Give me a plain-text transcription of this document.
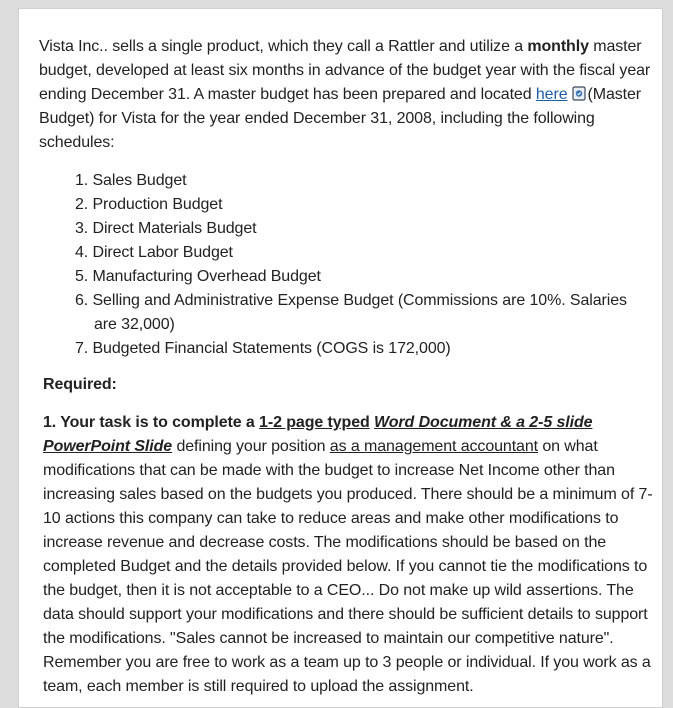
Vista Inc.. sells a single product, which they call a Rattler and utilize a monthly master budget, developed at least six months in advance of the budget year with the fiscal year ending December 31. A master budget has been prepared and located here (Master Budget) for Vista for the year ended December 31, 2008, including the following schedules:

1. Sales Budget
2. Production Budget
3. Direct Materials Budget
4. Direct Labor Budget
5. Manufacturing Overhead Budget
6. Selling and Administrative Expense Budget (Commissions are 10%. Salaries are 32,000)
7. Budgeted Financial Statements (COGS is 172,000)

Required:

1. Your task is to complete a 1-2 page typed Word Document & a 2-5 slide PowerPoint Slide defining your position as a management accountant on what modifications that can be made with the budget to increase Net Income other than increasing sales based on the budgets you produced. There should be a minimum of 7-10 actions this company can take to reduce areas and make other modifications to increase revenue and decrease costs. The modifications should be based on the completed Budget and the details provided below. If you cannot tie the modifications to the budget, then it is not acceptable to a CEO... Do not make up wild assertions. The data should support your modifications and there should be sufficient details to support the modifications. "Sales cannot be increased to maintain our competitive nature". Remember you are free to work as a team up to 3 people or individual. If you work as a team, each member is still required to upload the assignment.
